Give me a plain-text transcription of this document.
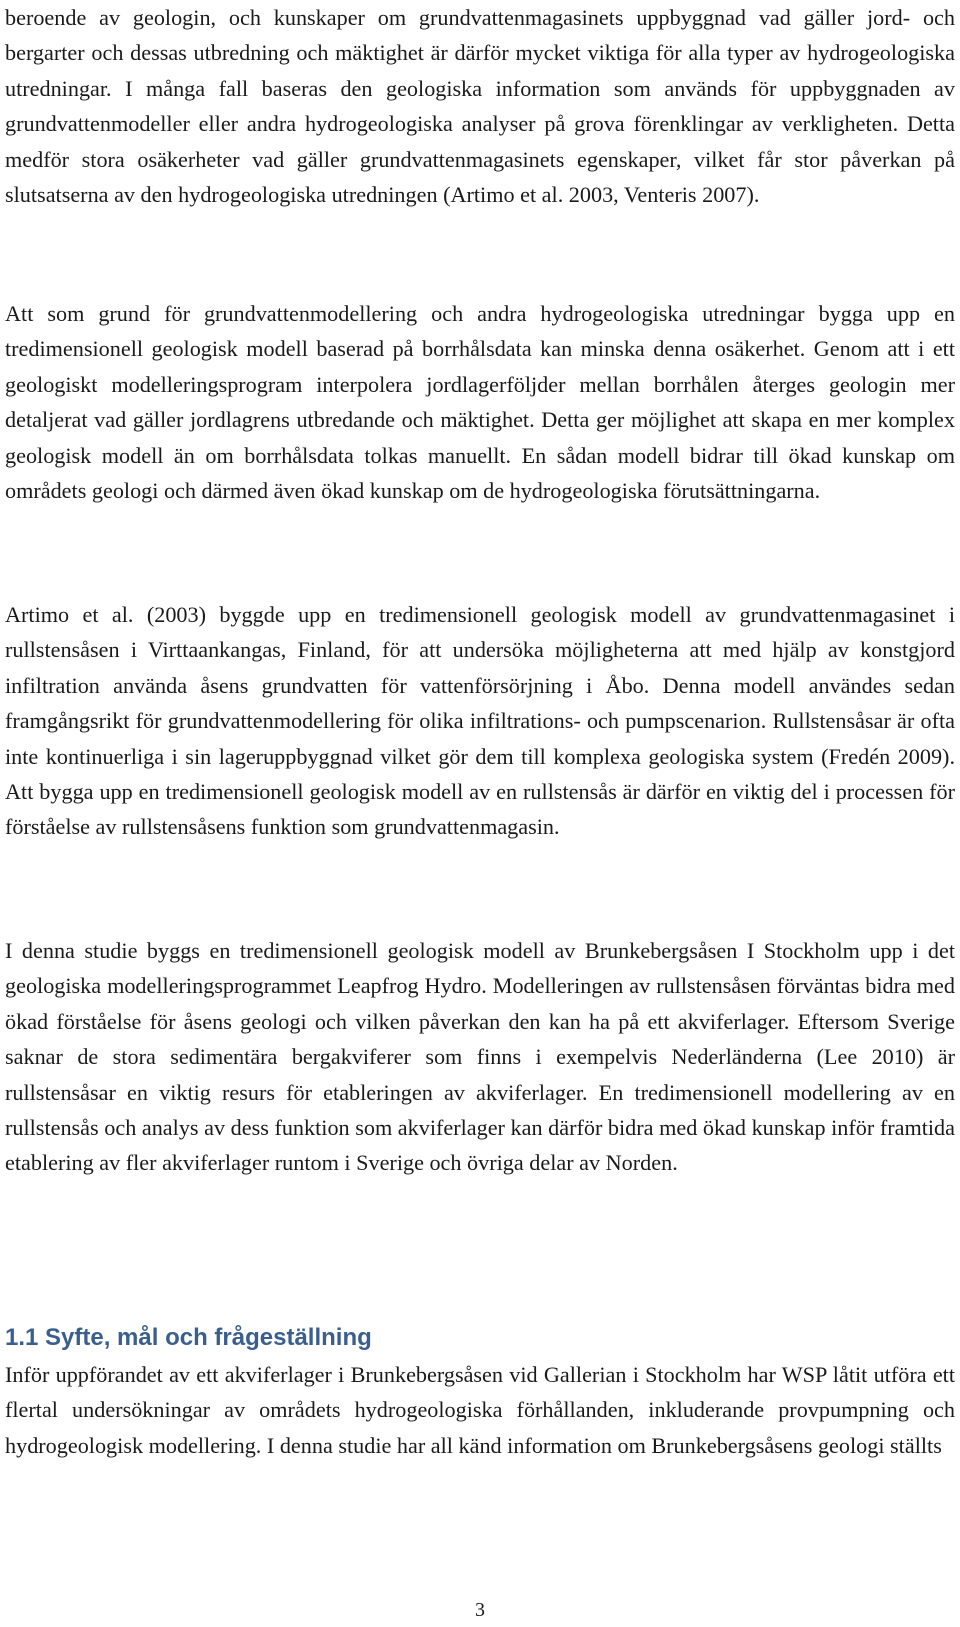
beroende av geologin, och kunskaper om grundvattenmagasinets uppbyggnad vad gäller jord- och bergarter och dessas utbredning och mäktighet är därför mycket viktiga för alla typer av hydrogeologiska utredningar. I många fall baseras den geologiska information som används för uppbyggnaden av grundvattenmodeller eller andra hydrogeologiska analyser på grova förenklingar av verkligheten. Detta medför stora osäkerheter vad gäller grundvattenmagasinets egenskaper, vilket får stor påverkan på slutsatserna av den hydrogeologiska utredningen (Artimo et al. 2003, Venteris 2007).

Att som grund för grundvattenmodellering och andra hydrogeologiska utredningar bygga upp en tredimensionell geologisk modell baserad på borrhålsdata kan minska denna osäkerhet. Genom att i ett geologiskt modelleringsprogram interpolera jordlagerföljder mellan borrhålen återges geologin mer detaljerat vad gäller jordlagrens utbredande och mäktighet. Detta ger möjlighet att skapa en mer komplex geologisk modell än om borrhålsdata tolkas manuellt. En sådan modell bidrar till ökad kunskap om områdets geologi och därmed även ökad kunskap om de hydrogeologiska förutsättningarna.

Artimo et al. (2003) byggde upp en tredimensionell geologisk modell av grundvattenmagasinet i rullstensåsen i Virttaankangas, Finland, för att undersöka möjligheterna att med hjälp av konstgjord infiltration använda åsens grundvatten för vattenförsörjning i Åbo. Denna modell användes sedan framgångsrikt för grundvattenmodellering för olika infiltrations- och pumpscenarion. Rullstensåsar är ofta inte kontinuerliga i sin lageruppbyggnad vilket gör dem till komplexa geologiska system (Fredén 2009). Att bygga upp en tredimensionell geologisk modell av en rullstensås är därför en viktig del i processen för förståelse av rullstensåsens funktion som grundvattenmagasin.

I denna studie byggs en tredimensionell geologisk modell av Brunkebergsåsen I Stockholm upp i det geologiska modelleringsprogrammet Leapfrog Hydro. Modelleringen av rullstensåsen förväntas bidra med ökad förståelse för åsens geologi och vilken påverkan den kan ha på ett akviferlager. Eftersom Sverige saknar de stora sedimentära bergakviferer som finns i exempelvis Nederländerna (Lee 2010) är rullstensåsar en viktig resurs för etableringen av akviferlager. En tredimensionell modellering av en rullstensås och analys av dess funktion som akviferlager kan därför bidra med ökad kunskap inför framtida etablering av fler akviferlager runtom i Sverige och övriga delar av Norden.

1.1 Syfte, mål och frågeställning

Inför uppförandet av ett akviferlager i Brunkebergsåsen vid Gallerian i Stockholm har WSP låtit utföra ett flertal undersökningar av områdets hydrogeologiska förhållanden, inkluderande provpumpning och hydrogeologisk modellering. I denna studie har all känd information om Brunkebergsåsens geologi ställts

3
